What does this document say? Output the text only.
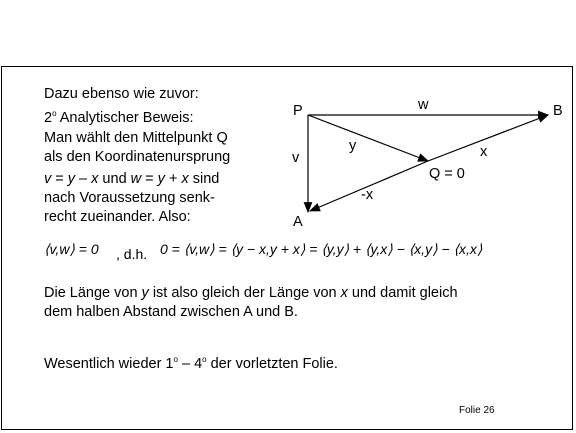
Dazu ebenso wie zuvor:
2$^o$ Analytischer Beweis:
Man wählt den Mittelpunkt Q
als den Koordinatenursprung
v = y – x und w = y + x sind
nach Voraussetzung senk-
recht zueinander. Also:
⟨v,w⟩ = 0 , d.h. 0 = ⟨v,w⟩ = ⟨y − x,y + x⟩ = ⟨y,y⟩ + ⟨y,x⟩ − ⟨x,y⟩ − ⟨x,x⟩
Die Länge von y ist also gleich der Länge von x und damit gleich
dem halben Abstand zwischen A und B.
Wesentlich wieder 1$^o$ – 4$^o$ der vorletzten Folie.
Folie 26
P	B
A
w
v
y	x
-x
Q = 0
